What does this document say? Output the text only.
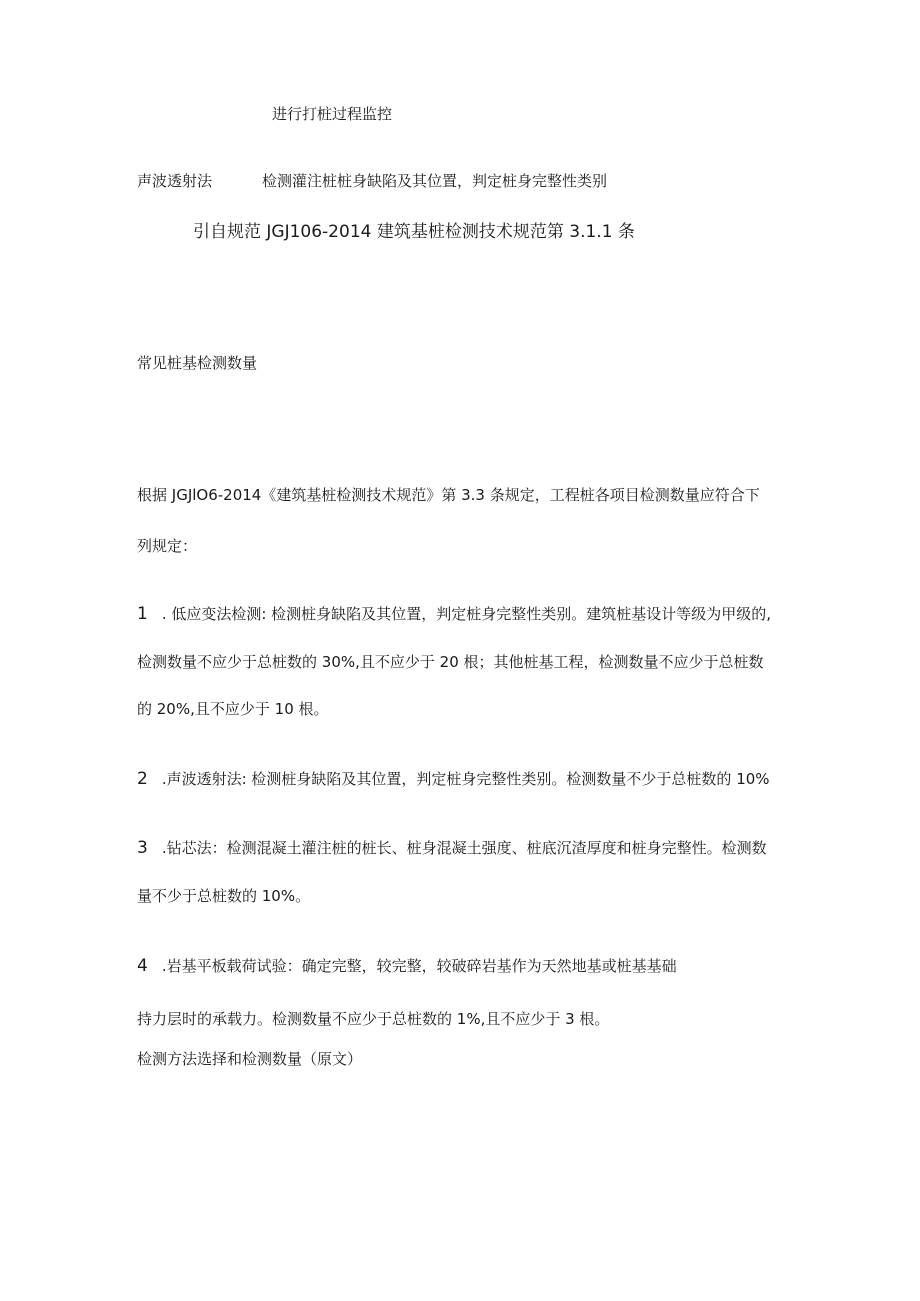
进行打桩过程监控
声波透射法	检测灌注桩桩身缺陷及其位置，判定桩身完整性类别
引自规范 JGJ106-2014 建筑基桩检测技术规范第 3.1.1 条
常见桩基检测数量
根据 JGJlO6-2014《建筑基桩检测技术规范》第 3.3 条规定，工程桩各项目检测数量应符合下
列规定：
1 . 低应变法检测: 检测桩身缺陷及其位置，判定桩身完整性类别。建筑桩基设计等级为甲级的,
检测数量不应少于总桩数的 30%,且不应少于 20 根；其他桩基工程，检测数量不应少于总桩数
的 20%,且不应少于 10 根。
2 .声波透射法: 检测桩身缺陷及其位置，判定桩身完整性类别。检测数量不少于总桩数的 10%
3 .钻芯法：检测混凝土灌注桩的桩长、桩身混凝土强度、桩底沉渣厚度和桩身完整性。检测数
量不少于总桩数的 10%。
4 .岩基平板载荷试验：确定完整，较完整，较破碎岩基作为天然地基或桩基基础
持力层时的承载力。检测数量不应少于总桩数的 1%,且不应少于 3 根。
检测方法选择和检测数量（原文）
